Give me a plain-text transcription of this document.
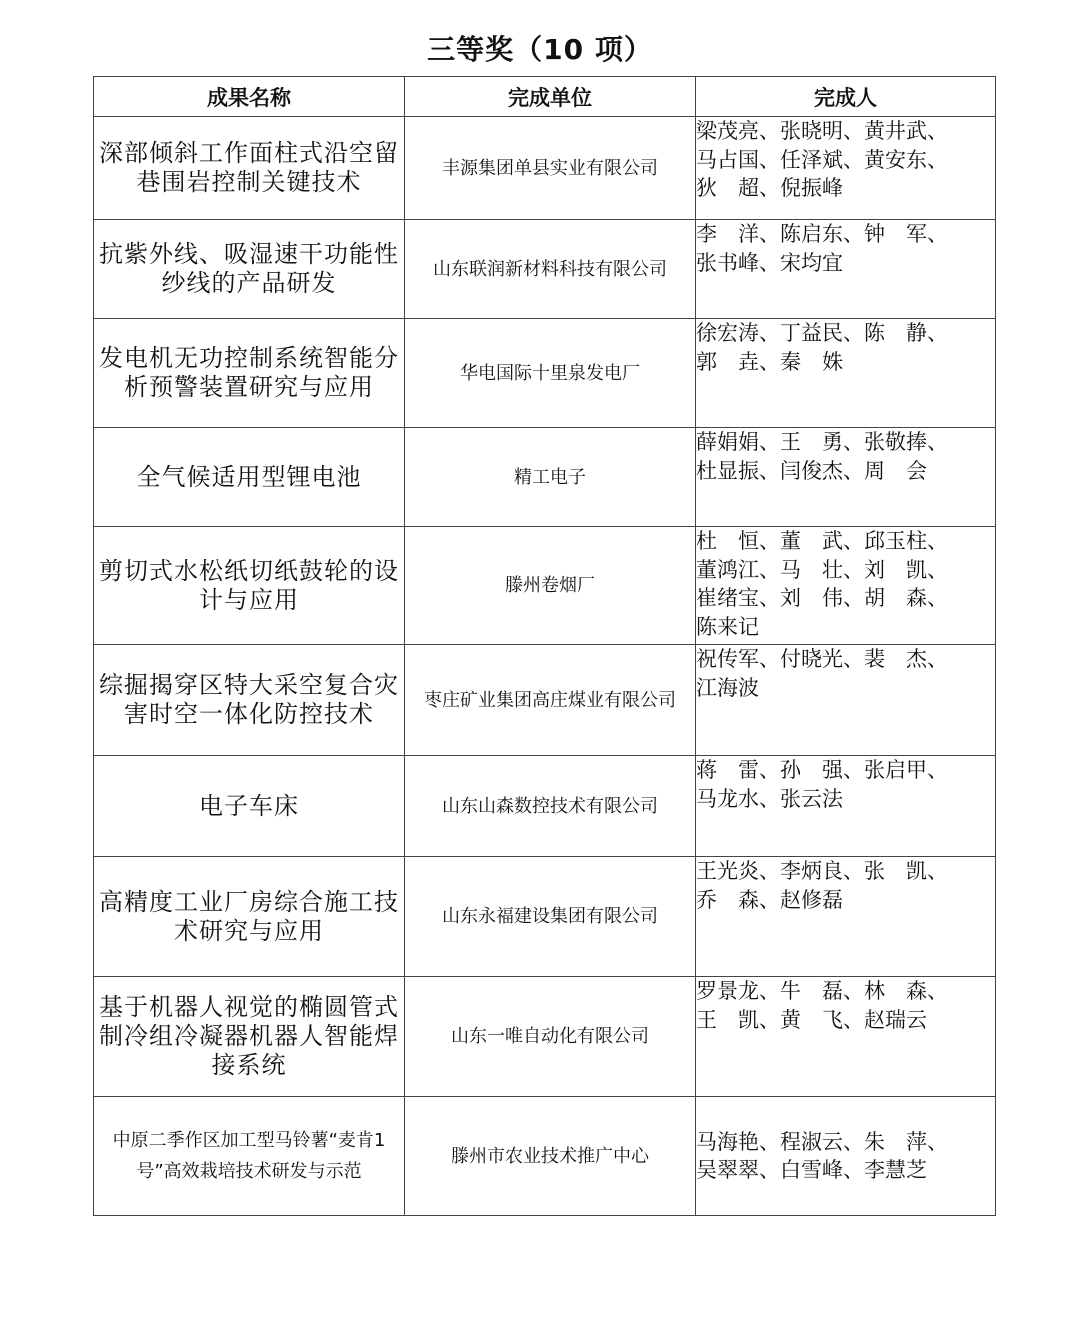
三等奖（10 项）
成果名称	完成单位	完成人
深部倾斜工作面柱式沿空留巷围岩控制关键技术	丰源集团单县实业有限公司	梁茂亮、张晓明、黄井武、
马占国、任泽斌、黄安东、
狄　超、倪振峰

抗紫外线、吸湿速干功能性纱线的产品研发	山东联润新材料科技有限公司	李　洋、陈启东、钟　军、
张书峰、宋均宜

发电机无功控制系统智能分析预警装置研究与应用	华电国际十里泉发电厂	徐宏涛、丁益民、陈　静、
郭　垚、秦　姝

全气候适用型锂电池	精工电子	薛娟娟、王　勇、张敬捧、
杜显振、闫俊杰、周　会

剪切式水松纸切纸鼓轮的设计与应用	滕州卷烟厂	杜　恒、董　武、邱玉柱、
董鸿江、马　壮、刘　凯、
崔绪宝、刘　伟、胡　森、
陈来记

综掘揭穿区特大采空复合灾害时空一体化防控技术	枣庄矿业集团高庄煤业有限公司	祝传军、付晓光、裴　杰、
江海波

电子车床	山东山森数控技术有限公司	蒋　雷、孙　强、张启甲、
马龙水、张云法

高精度工业厂房综合施工技术研究与应用	山东永福建设集团有限公司	王光炎、李炳良、张　凯、
乔　森、赵修磊

基于机器人视觉的椭圆管式制冷组冷凝器机器人智能焊接系统	山东一唯自动化有限公司	罗景龙、牛　磊、林　森、
王　凯、黄　飞、赵瑞云

中原二季作区加工型马铃薯“麦肯1号”高效栽培技术研发与示范	滕州市农业技术推广中心	马海艳、程淑云、朱　萍、
吴翠翠、白雪峰、李慧芝
